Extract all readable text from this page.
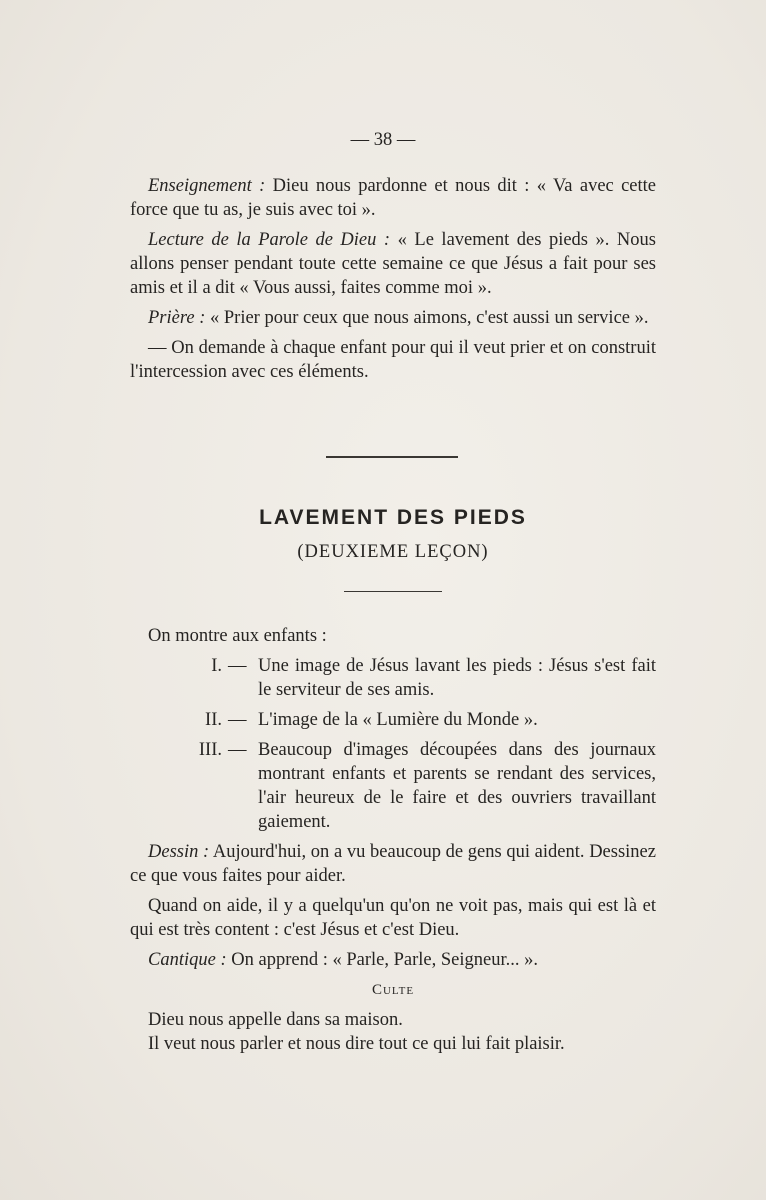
— 38 —

Enseignement : Dieu nous pardonne et nous dit : « Va avec cette force que tu as, je suis avec toi ».

Lecture de la Parole de Dieu : « Le lavement des pieds ». Nous allons penser pendant toute cette semaine ce que Jésus a fait pour ses amis et il a dit « Vous aussi, faites comme moi ».

Prière : « Prier pour ceux que nous aimons, c'est aussi un service ».

— On demande à chaque enfant pour qui il veut prier et on construit l'intercession avec ces éléments.

LAVEMENT DES PIEDS
(DEUXIEME LEÇON)

On montre aux enfants :

I. — Une image de Jésus lavant les pieds : Jésus s'est fait le serviteur de ses amis.
II. — L'image de la « Lumière du Monde ».
III. — Beaucoup d'images découpées dans des journaux montrant enfants et parents se rendant des services, l'air heureux de le faire et des ouvriers travaillant gaiement.

Dessin : Aujourd'hui, on a vu beaucoup de gens qui aident. Dessinez ce que vous faites pour aider.

Quand on aide, il y a quelqu'un qu'on ne voit pas, mais qui est là et qui est très content : c'est Jésus et c'est Dieu.

Cantique : On apprend : « Parle, Parle, Seigneur... ».

Culte

Dieu nous appelle dans sa maison.

Il veut nous parler et nous dire tout ce qui lui fait plaisir.
